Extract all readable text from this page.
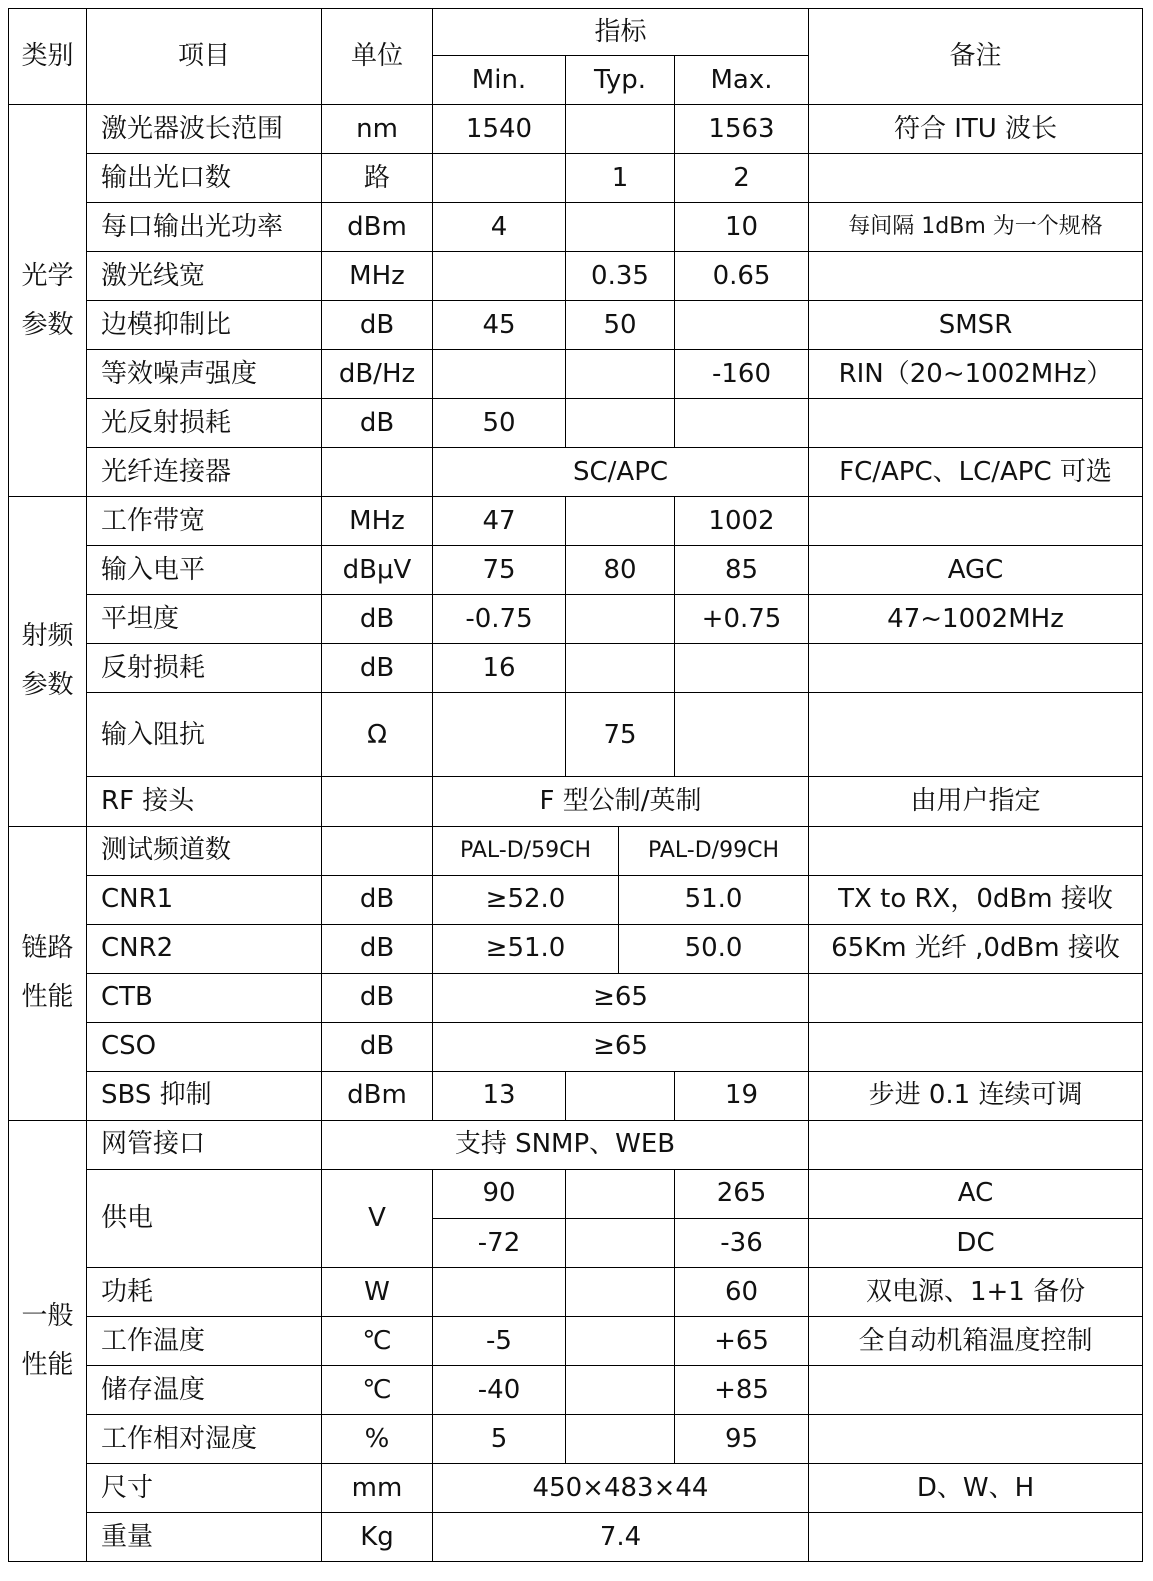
类别	项目	单位	指标				备注
			Min.	Typ.		Max.	
光学参数	激光器波长范围	nm	1540			1563	符合 ITU 波长
	输出光口数	路		1		2	
	每口输出光功率	dBm	4			10	每间隔 1dBm 为一个规格
	激光线宽	MHz		0.35		0.65	
	边模抑制比	dB	45	50			SMSR
	等效噪声强度	dB/Hz				-160	RIN（20~1002MHz）
	光反射损耗	dB	50				
	光纤连接器		SC/APC				FC/APC、LC/APC 可选
射频参数	工作带宽	MHz	47			1002	
	输入电平	dBμV	75	80		85	AGC
	平坦度	dB	-0.75			+0.75	47~1002MHz
	反射损耗	dB	16				
	输入阻抗	Ω		75			
	RF 接头		F 型公制/英制				由用户指定
链路性能	测试频道数		PAL-D/59CH		PAL-D/99CH		
	CNR1	dB	≥52.0		51.0		TX to RX，0dBm 接收
	CNR2	dB	≥51.0		50.0		65Km 光纤 ,0dBm 接收
	CTB	dB	≥65				
	CSO	dB	≥65				
	SBS 抑制	dBm	13			19	步进 0.1 连续可调
一般性能	网管接口	支持 SNMP、WEB					
	供电	V	90			265	AC
			-72			-36	DC
	功耗	W				60	双电源、1+1 备份
	工作温度	℃	-5			+65	全自动机箱温度控制
	储存温度	℃	-40			+85	
	工作相对湿度	%	5			95	
	尺寸	mm	450×483×44				D、W、H
	重量	Kg	7.4				
